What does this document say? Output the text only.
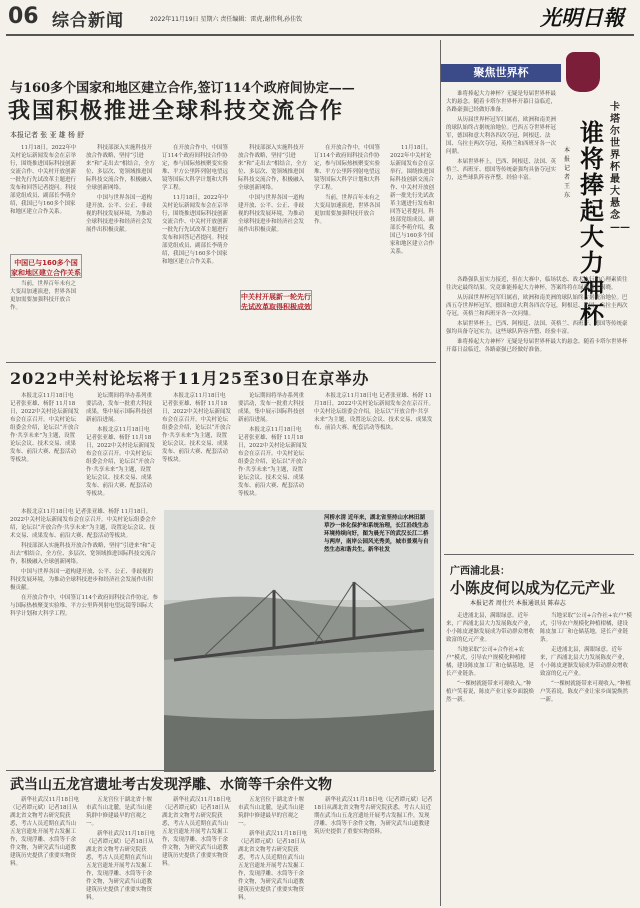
06 综合新闻	2022年11月19日 星期六 责任编辑：雷虎,谢伟利,孙佳钦	光明日報
与160多个国家和地区建立合作,签订114个政府间协定——
我国积极推进全球科技交流合作
本报记者 张 亚 雄 杨 舒

11月18日，2022年中关村论坛新闻发布会在京举行，围绕推进国际科技创新交流合作、中关村开放创新一批先行先试改革主题进行发布和回答记者提问。科技部党组成员、副部长李萌介绍，我国已与160多个国家和地区建立合作关系。

中国已与160多个国家和地区建立合作关系

当前，世界百年未有之大变局加速演进，世界各国更加需要加强科技开放合作。

科技部深入实施科技开放合作战略，坚持“引进来”和“走出去”相结合，全方位、多层次、宽领域推进国际科技交流合作，积极融入全球创新网络。

中国与世界各国一道构建开放、公平、公正、非歧视的科技发展环境，为推动全球科技进步和经济社会发展作出积极贡献。

在开放合作中，中国签订114个政府间科技合作协定，参与国际热核聚变实验堆、平方公里阵列射电望远镜等国际大科学计划和大科学工程。

11月18日，2022年中关村论坛新闻发布会在京举行，围绕推进国际科技创新交流合作、中关村开放创新一批先行先试改革主题进行发布和回答记者提问。科技部党组成员、副部长李萌介绍，我国已与160多个国家和地区建立合作关系。

科技部深入实施科技开放合作战略，坚持“引进来”和“走出去”相结合，全方位、多层次、宽领域推进国际科技交流合作，积极融入全球创新网络。

中国与世界各国一道构建开放、公平、公正、非歧视的科技发展环境，为推动全球科技进步和经济社会发展作出积极贡献。

在开放合作中，中国签订114个政府间科技合作协定，参与国际热核聚变实验堆、平方公里阵列射电望远镜等国际大科学计划和大科学工程。

当前，世界百年未有之大变局加速演进，世界各国更加需要加强科技开放合作。

中关村开展新一轮先行先试改革取得积极成效

11月18日，2022年中关村论坛新闻发布会在京举行，围绕推进国际科技创新交流合作、中关村开放创新一批先行先试改革主题进行发布和回答记者提问。科技部党组成员、副部长李萌介绍，我国已与160多个国家和地区建立合作关系。

2022中关村论坛将于11月25至30日在京举办

本报北京11月18日电 记者张亚雄、杨舒 11月18日，2022中关村论坛新闻发布会在京召开。中关村论坛组委会介绍，论坛以“开放合作·共享未来”为主题，设置论坛会议、技术交易、成果发布、前沿大赛、配套活动等板块。

论坛期间将举办系列重要活动，发布一批重大科技成果，集中展示国际科技创新前沿进展。

本报北京11月18日电 记者张亚雄、杨舒 11月18日，2022中关村论坛新闻发布会在京召开。中关村论坛组委会介绍，论坛以“开放合作·共享未来”为主题，设置论坛会议、技术交易、成果发布、前沿大赛、配套活动等板块。

本报北京11月18日电 记者张亚雄、杨舒 11月18日，2022中关村论坛新闻发布会在京召开。中关村论坛组委会介绍，论坛以“开放合作·共享未来”为主题，设置论坛会议、技术交易、成果发布、前沿大赛、配套活动等板块。

论坛期间将举办系列重要活动，发布一批重大科技成果，集中展示国际科技创新前沿进展。

本报北京11月18日电 记者张亚雄、杨舒 11月18日，2022中关村论坛新闻发布会在京召开。中关村论坛组委会介绍，论坛以“开放合作·共享未来”为主题，设置论坛会议、技术交易、成果发布、前沿大赛、配套活动等板块。

本报北京11月18日电 记者张亚雄、杨舒 11月18日，2022中关村论坛新闻发布会在京召开。中关村论坛组委会介绍，论坛以“开放合作·共享未来”为主题，设置论坛会议、技术交易、成果发布、前沿大赛、配套活动等板块。

本报北京11月18日电 记者张亚雄、杨舒 11月18日，2022中关村论坛新闻发布会在京召开。中关村论坛组委会介绍，论坛以“开放合作·共享未来”为主题，设置论坛会议、技术交易、成果发布、前沿大赛、配套活动等板块。

科技部深入实施科技开放合作战略，坚持“引进来”和“走出去”相结合，全方位、多层次、宽领域推进国际科技交流合作，积极融入全球创新网络。

中国与世界各国一道构建开放、公平、公正、非歧视的科技发展环境，为推动全球科技进步和经济社会发展作出积极贡献。

在开放合作中，中国签订114个政府间科技合作协定，参与国际热核聚变实验堆、平方公里阵列射电望远镜等国际大科学计划和大科学工程。

河桥水清 近年来，湖北省坚持山水林田湖草沙一体化保护和系统治理，长江沿线生态环境持续向好，图为晨光下的武汉长江二桥与两岸，南岸公园风光秀美，城市景观与自然生态和谐共生。新华社发
武当山五龙宫遗址考古发现浮雕、水筒等千余件文物

新华社武汉11月18日电（记者谭元斌）记者18日从湖北省文物考古研究院获悉，考古人员近期在武当山五龙宫遗址开展考古发掘工作，发现浮雕、水筒等千余件文物，为研究武当山道教建筑历史提供了重要实物资料。

五龙宫位于湖北省十堰市武当山北麓，是武当山建筑群中修建最早的宫观之一。

新华社武汉11月18日电（记者谭元斌）记者18日从湖北省文物考古研究院获悉，考古人员近期在武当山五龙宫遗址开展考古发掘工作，发现浮雕、水筒等千余件文物，为研究武当山道教建筑历史提供了重要实物资料。

新华社武汉11月18日电（记者谭元斌）记者18日从湖北省文物考古研究院获悉，考古人员近期在武当山五龙宫遗址开展考古发掘工作，发现浮雕、水筒等千余件文物，为研究武当山道教建筑历史提供了重要实物资料。

五龙宫位于湖北省十堰市武当山北麓，是武当山建筑群中修建最早的宫观之一。

新华社武汉11月18日电（记者谭元斌）记者18日从湖北省文物考古研究院获悉，考古人员近期在武当山五龙宫遗址开展考古发掘工作，发现浮雕、水筒等千余件文物，为研究武当山道教建筑历史提供了重要实物资料。

新华社武汉11月18日电（记者谭元斌）记者18日从湖北省文物考古研究院获悉，考古人员近期在武当山五龙宫遗址开展考古发掘工作，发现浮雕、水筒等千余件文物，为研究武当山道教建筑历史提供了重要实物资料。

聚焦世界杯
卡塔尔世界杯最大悬念——
谁将捧起大力神杯
本报记者 王 东

谁将捧起大力神杯？无疑是每届世界杯最大的悬念。随着卡塔尔世界杯开幕日益临近，各路豪强已经做好准备。

从历届世界杯冠军归属看，欧洲和南美洲的球队始终占据统治地位。巴西五夺世界杯冠军，德国和意大利各四次夺冠，阿根廷、法国、乌拉圭两次夺冠，英格兰和西班牙各一次问鼎。

本届世界杯上，巴西、阿根廷、法国、英格兰、西班牙、德国等传统豪强均具备夺冠实力，这些球队阵容齐整、经验丰富。

各路强队虽实力接近，但在大赛中，临场状态、战术执行和心理素质往往决定最终结果。究竟谁能捧起大力神杯，答案终将在绿茵场上揭晓。

从历届世界杯冠军归属看，欧洲和南美洲的球队始终占据统治地位。巴西五夺世界杯冠军，德国和意大利各四次夺冠，阿根廷、法国、乌拉圭两次夺冠，英格兰和西班牙各一次问鼎。

本届世界杯上，巴西、阿根廷、法国、英格兰、西班牙、德国等传统豪强均具备夺冠实力，这些球队阵容齐整、经验丰富。

谁将捧起大力神杯？无疑是每届世界杯最大的悬念。随着卡塔尔世界杯开幕日益临近，各路豪强已经做好准备。

广西浦北县：
小陈皮何以成为亿元产业
本报记者 周仕兴 本报通讯员 陈春志

走进浦北县，满眼绿意。近年来，广西浦北县大力发展陈皮产业，小小陈皮逐渐发展成为带动群众增收致富的亿元产业。

当地采取“公司+合作社+农户”模式，引导农户规模化种植柑橘，建设陈皮加工厂和仓储基地，延长产业链条。

“一棵树就能带来可观收入。”种植户笑着说，陈皮产业让家乡面貌焕然一新。

当地采取“公司+合作社+农户”模式，引导农户规模化种植柑橘，建设陈皮加工厂和仓储基地，延长产业链条。

走进浦北县，满眼绿意。近年来，广西浦北县大力发展陈皮产业，小小陈皮逐渐发展成为带动群众增收致富的亿元产业。

“一棵树就能带来可观收入。”种植户笑着说，陈皮产业让家乡面貌焕然一新。
